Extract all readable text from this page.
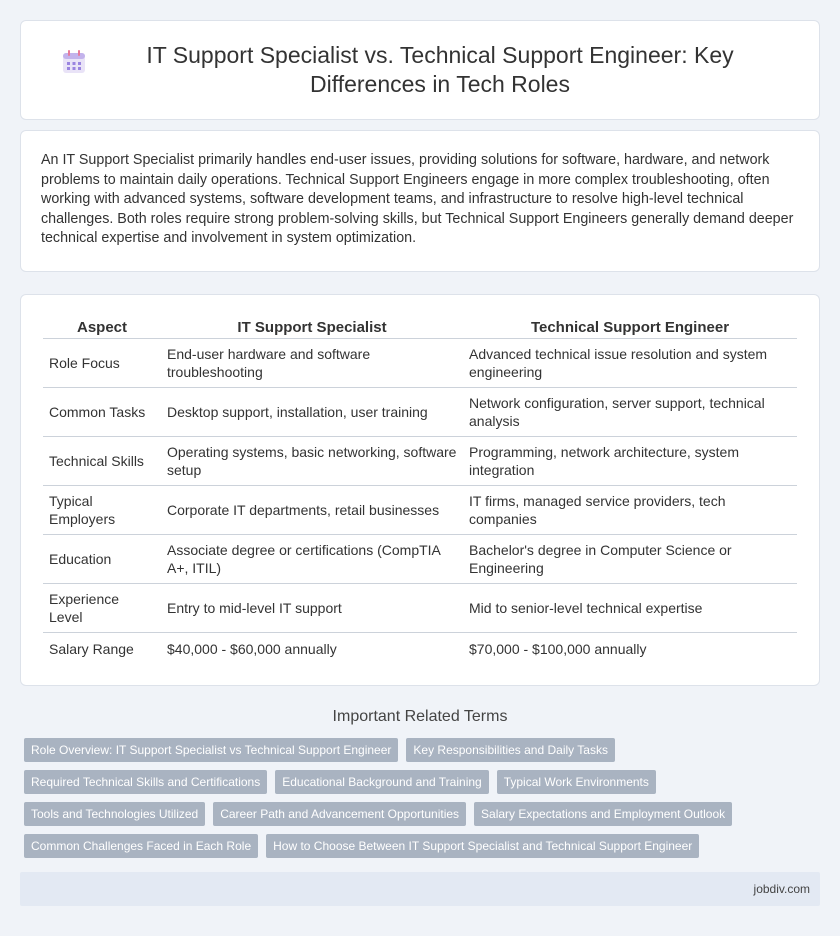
IT Support Specialist vs. Technical Support Engineer: Key Differences in Tech Roles

An IT Support Specialist primarily handles end-user issues, providing solutions for software, hardware, and network problems to maintain daily operations. Technical Support Engineers engage in more complex troubleshooting, often working with advanced systems, software development teams, and infrastructure to resolve high-level technical challenges. Both roles require strong problem-solving skills, but Technical Support Engineers generally demand deeper technical expertise and involvement in system optimization.

Aspect	IT Support Specialist	Technical Support Engineer
Role Focus	End-user hardware and software troubleshooting	Advanced technical issue resolution and system engineering
Common Tasks	Desktop support, installation, user training	Network configuration, server support, technical analysis
Technical Skills	Operating systems, basic networking, software setup	Programming, network architecture, system integration
Typical Employers	Corporate IT departments, retail businesses	IT firms, managed service providers, tech companies
Education	Associate degree or certifications (CompTIA A+, ITIL)	Bachelor's degree in Computer Science or Engineering
Experience Level	Entry to mid-level IT support	Mid to senior-level technical expertise
Salary Range	$40,000 - $60,000 annually	$70,000 - $100,000 annually
Important Related Terms
Role Overview: IT Support Specialist vs Technical Support Engineer	Key Responsibilities and Daily Tasks
Required Technical Skills and Certifications	Educational Background and Training	Typical Work Environments
Tools and Technologies Utilized	Career Path and Advancement Opportunities	Salary Expectations and Employment Outlook
Common Challenges Faced in Each Role	How to Choose Between IT Support Specialist and Technical Support Engineer
jobdiv.com
